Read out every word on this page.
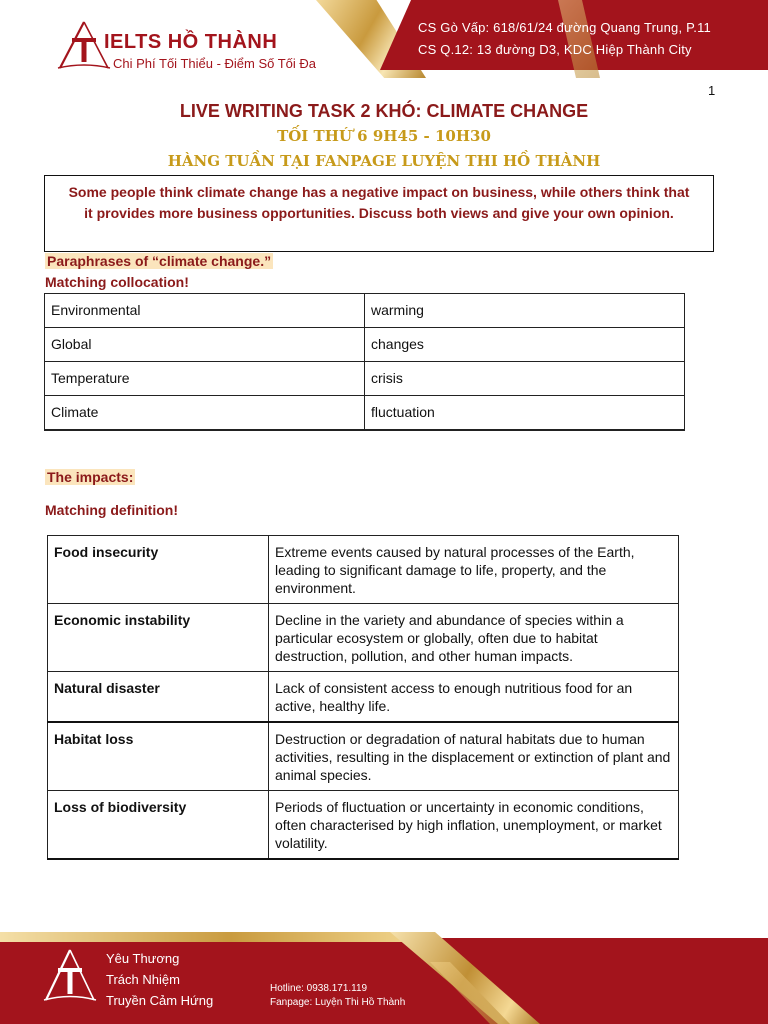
CS Gò Vấp: 618/61/24 đường Quang Trung, P.11
CS Q.12: 13 đường D3, KDC Hiệp Thành City
IELTS HỒ THÀNH
Chi Phí Tối Thiểu - Điểm Số Tối Đa
1
LIVE WRITING TASK 2 KHÓ: CLIMATE CHANGE
TỐI THỨ 6 9H45 - 10H30
HÀNG TUẦN TẠI FANPAGE LUYỆN THI HỒ THÀNH
Some people think climate change has a negative impact on business, while others think that it provides more business opportunities. Discuss both views and give your own opinion.
Paraphrases of “climate change.”
Matching collocation!
Environmental	warming
Global	changes
Temperature	crisis
Climate	fluctuation
The impacts:
Matching definition!
Food insecurity	Extreme events caused by natural processes of the Earth, leading to significant damage to life, property, and the environment.
Economic instability	Decline in the variety and abundance of species within a particular ecosystem or globally, often due to habitat destruction, pollution, and other human impacts.
Natural disaster	Lack of consistent access to enough nutritious food for an active, healthy life.
Habitat loss	Destruction or degradation of natural habitats due to human activities, resulting in the displacement or extinction of plant and animal species.
Loss of biodiversity	Periods of fluctuation or uncertainty in economic conditions, often characterised by high inflation, unemployment, or market volatility.
Yêu Thương
Trách Nhiệm
Truyền Cảm Hứng
Hotline: 0938.171.119
Fanpage: Luyện Thi Hồ Thành
